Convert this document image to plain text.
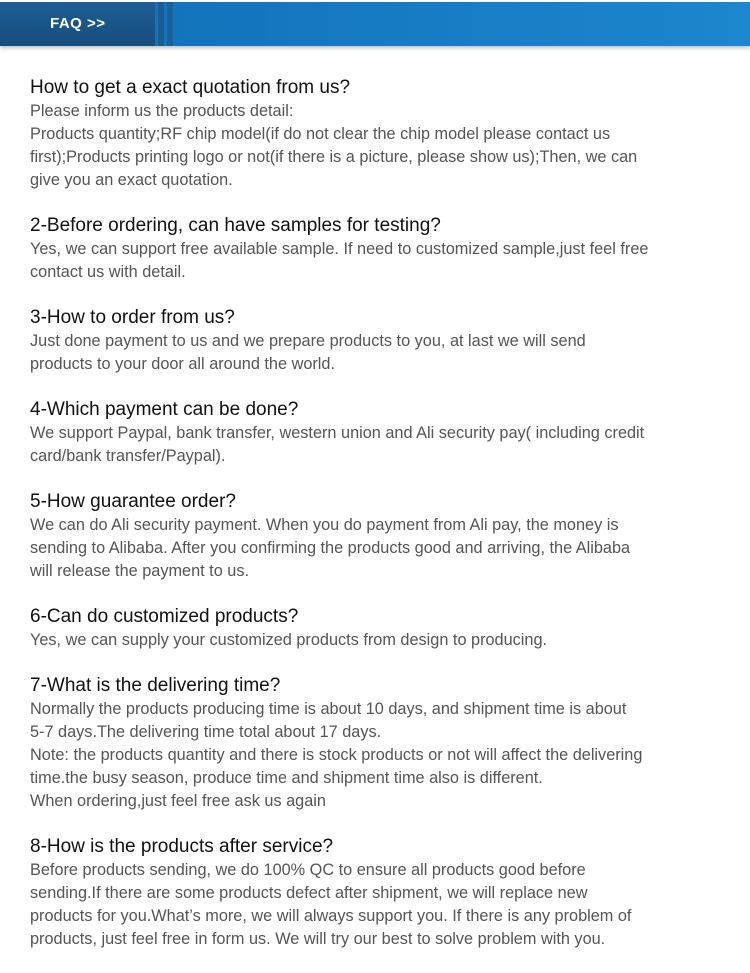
FAQ >>
How to get a exact quotation from us?

Please inform us the products detail:

Products quantity;RF chip model(if do not clear the chip model please contact us

first);Products printing logo or not(if there is a picture, please show us);Then, we can

give you an exact quotation.

2-Before ordering, can have samples for testing?

Yes, we can support free available sample. If need to customized sample,just feel free

contact us with detail.

3-How to order from us?

Just done payment to us and we prepare products to you, at last we will send

products to your door all around the world.

4-Which payment can be done?

We support Paypal, bank transfer, western union and Ali security pay( including credit

card/bank transfer/Paypal).

5-How guarantee order?

We can do Ali security payment. When you do payment from Ali pay, the money is

sending to Alibaba. After you confirming the products good and arriving, the Alibaba

will release the payment to us.

6-Can do customized products?

Yes, we can supply your customized products from design to producing.

7-What is the delivering time?

Normally the products producing time is about 10 days, and shipment time is about

5-7 days.The delivering time total about 17 days.

Note: the products quantity and there is stock products or not will affect the delivering

time.the busy season, produce time and shipment time also is different.

When ordering,just feel free ask us again

8-How is the products after service?

Before products sending, we do 100% QC to ensure all products good before

sending.If there are some products defect after shipment, we will replace new

products for you.What’s more, we will always support you. If there is any problem of

products, just feel free in form us. We will try our best to solve problem with you.
